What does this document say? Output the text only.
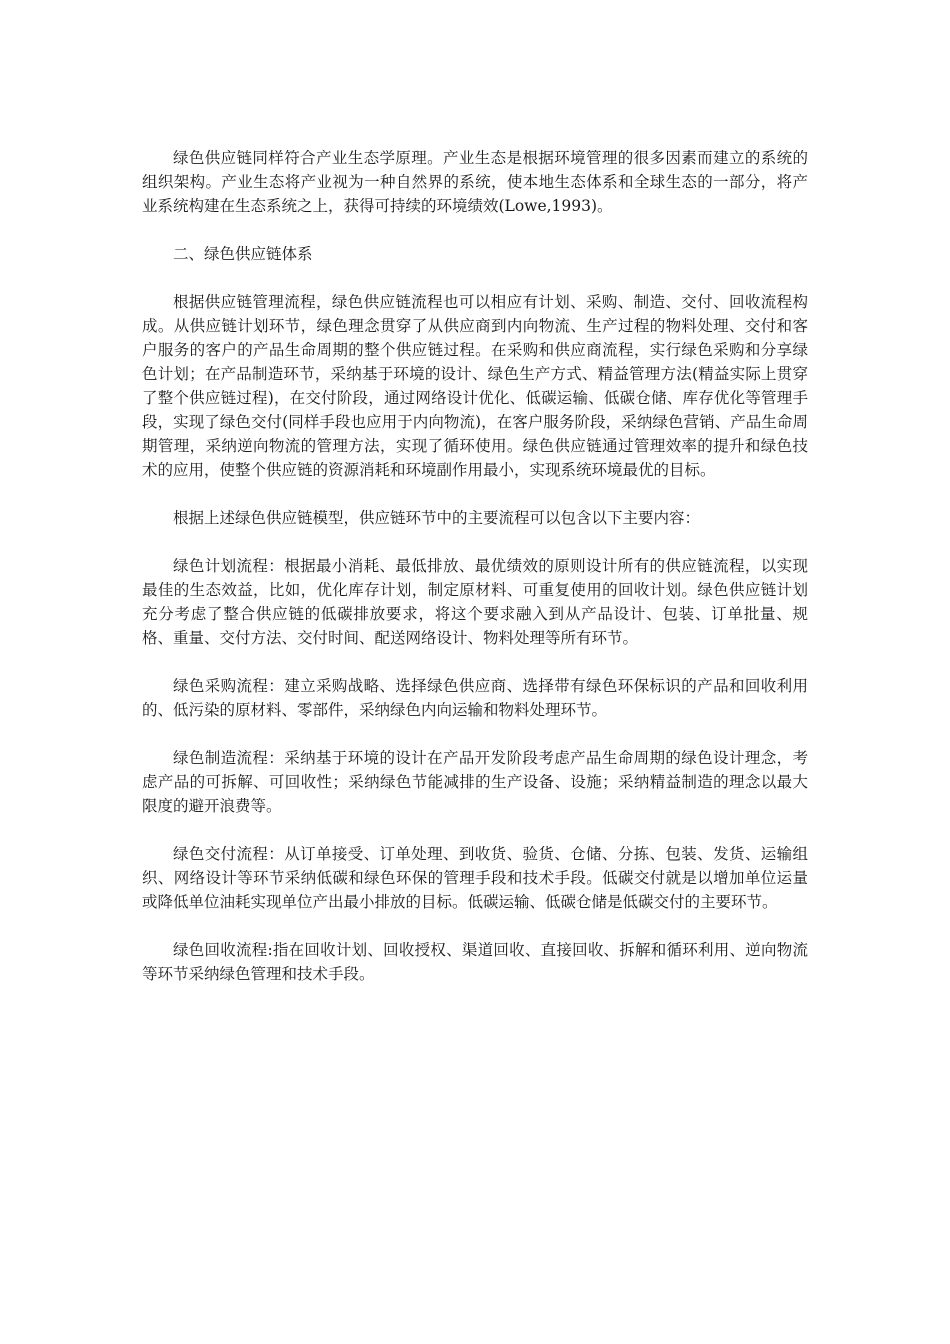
绿色供应链同样符合产业生态学原理。产业生态是根据环境管理的很多因素而建立的系统的组织架构。产业生态将产业视为一种自然界的系统，使本地生态体系和全球生态的一部分，将产业系统构建在生态系统之上，获得可持续的环境绩效(Lowe,1993)。

二、绿色供应链体系

根据供应链管理流程，绿色供应链流程也可以相应有计划、采购、制造、交付、回收流程构成。从供应链计划环节，绿色理念贯穿了从供应商到内向物流、生产过程的物料处理、交付和客户服务的客户的产品生命周期的整个供应链过程。在采购和供应商流程，实行绿色采购和分享绿色计划；在产品制造环节，采纳基于环境的设计、绿色生产方式、精益管理方法(精益实际上贯穿了整个供应链过程)，在交付阶段，通过网络设计优化、低碳运输、低碳仓储、库存优化等管理手段，实现了绿色交付(同样手段也应用于内向物流)，在客户服务阶段，采纳绿色营销、产品生命周期管理，采纳逆向物流的管理方法，实现了循环使用。绿色供应链通过管理效率的提升和绿色技术的应用，使整个供应链的资源消耗和环境副作用最小，实现系统环境最优的目标。

根据上述绿色供应链模型，供应链环节中的主要流程可以包含以下主要内容：

绿色计划流程：根据最小消耗、最低排放、最优绩效的原则设计所有的供应链流程，以实现最佳的生态效益，比如，优化库存计划，制定原材料、可重复使用的回收计划。绿色供应链计划充分考虑了整合供应链的低碳排放要求，将这个要求融入到从产品设计、包装、订单批量、规格、重量、交付方法、交付时间、配送网络设计、物料处理等所有环节。

绿色采购流程：建立采购战略、选择绿色供应商、选择带有绿色环保标识的产品和回收利用的、低污染的原材料、零部件，采纳绿色内向运输和物料处理环节。

绿色制造流程：采纳基于环境的设计在产品开发阶段考虑产品生命周期的绿色设计理念，考虑产品的可拆解、可回收性；采纳绿色节能减排的生产设备、设施；采纳精益制造的理念以最大限度的避开浪费等。

绿色交付流程：从订单接受、订单处理、到收货、验货、仓储、分拣、包装、发货、运输组织、网络设计等环节采纳低碳和绿色环保的管理手段和技术手段。低碳交付就是以增加单位运量或降低单位油耗实现单位产出最小排放的目标。低碳运输、低碳仓储是低碳交付的主要环节。

绿色回收流程:指在回收计划、回收授权、渠道回收、直接回收、拆解和循环利用、逆向物流等环节采纳绿色管理和技术手段。
